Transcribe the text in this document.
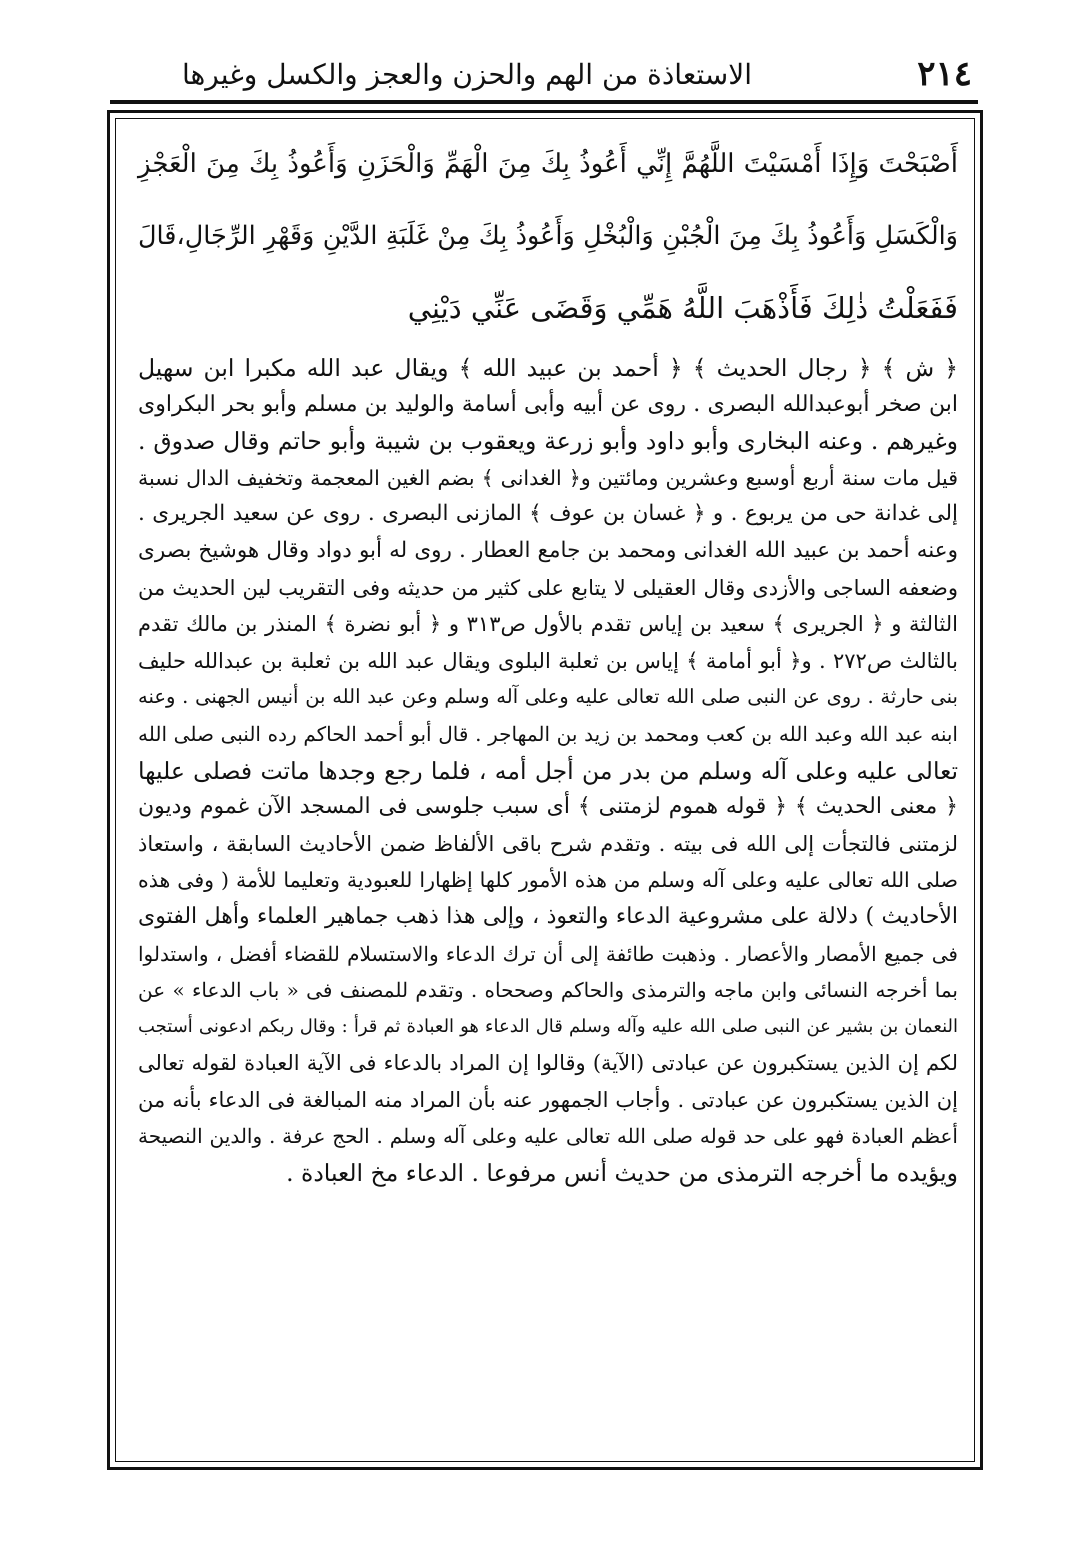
٢١٤
الاستعاذة من الهم والحزن والعجز والكسل وغيرها
أَصْبَحْتَ وَإِذَا أَمْسَيْتَ اللَّهُمَّ إِنِّي أَعُوذُ بِكَ مِنَ الْهَمِّ وَالْحَزَنِ وَأَعُوذُ بِكَ مِنَ الْعَجْزِ
وَالْكَسَلِ وَأَعُوذُ بِكَ مِنَ الْجُبْنِ وَالْبُخْلِ وَأَعُوذُ بِكَ مِنْ غَلَبَةِ الدَّيْنِ وَقَهْرِ الرِّجَالِ،قَالَ
فَفَعَلْتُ ذٰلِكَ فَأَذْهَبَ اللَّهُ هَمِّي وَقَضَى عَنِّي دَيْنِي
﴿ ش ﴾ ﴿ رجال الحديث ﴾ ﴿ أحمد بن عبيد الله ﴾ ويقال عبد الله مكبرا ابن سهيل
ابن صخر أبوعبدالله البصرى . روى عن أبيه وأبى أسامة والوليد بن مسلم وأبو بحر البكراوى
وغيرهم . وعنه البخارى وأبو داود وأبو زرعة ويعقوب بن شيبة وأبو حاتم وقال صدوق .
قيل مات سنة أربع أوسبع وعشرين ومائتين و﴿ الغدانى ﴾ بضم الغين المعجمة وتخفيف الدال نسبة
إلى غدانة حى من يربوع . و ﴿ غسان بن عوف ﴾ المازنى البصرى . روى عن سعيد الجريرى .
وعنه أحمد بن عبيد الله الغدانى ومحمد بن جامع العطار . روى له أبو دواد وقال هوشيخ بصرى
وضعفه الساجى والأزدى وقال العقيلى لا يتابع على كثير من حديثه وفى التقريب لين الحديث من
الثالثة و ﴿ الجريرى ﴾ سعيد بن إياس تقدم بالأول ص٣١٣ و ﴿ أبو نضرة ﴾ المنذر بن مالك تقدم
بالثالث ص٢٧٢ . و﴿ أبو أمامة ﴾ إياس بن ثعلبة البلوى ويقال عبد الله بن ثعلبة بن عبدالله حليف
بنى حارثة . روى عن النبى صلى الله تعالى عليه وعلى آله وسلم وعن عبد الله بن أنيس الجهنى . وعنه
ابنه عبد الله وعبد الله بن كعب ومحمد بن زيد بن المهاجر . قال أبو أحمد الحاكم رده النبى صلى الله
تعالى عليه وعلى آله وسلم من بدر من أجل أمه ، فلما رجع وجدها ماتت فصلى عليها
﴿ معنى الحديث ﴾ ﴿ قوله هموم لزمتنى ﴾ أى سبب جلوسى فى المسجد الآن غموم وديون
لزمتنى فالتجأت إلى الله فى بيته . وتقدم شرح باقى الألفاظ ضمن الأحاديث السابقة ، واستعاذ
صلى الله تعالى عليه وعلى آله وسلم من هذه الأمور كلها إظهارا للعبودية وتعليما للأمة ( وفى هذه
الأحاديث ) دلالة على مشروعية الدعاء والتعوذ ، وإلى هذا ذهب جماهير العلماء وأهل الفتوى
فى جميع الأمصار والأعصار . وذهبت طائفة إلى أن ترك الدعاء والاستسلام للقضاء أفضل ، واستدلوا
بما أخرجه النسائى وابن ماجه والترمذى والحاكم وصححاه . وتقدم للمصنف فى « باب الدعاء » عن
النعمان بن بشير عن النبى صلى الله عليه وآله وسلم قال الدعاء هو العبادة ثم قرأ : وقال ربكم ادعونى أستجب
لكم إن الذين يستكبرون عن عبادتى (الآية) وقالوا إن المراد بالدعاء فى الآية العبادة لقوله تعالى
إن الذين يستكبرون عن عبادتى . وأجاب الجمهور عنه بأن المراد منه المبالغة فى الدعاء بأنه من
أعظم العبادة فهو على حد قوله صلى الله تعالى عليه وعلى آله وسلم . الحج عرفة . والدين النصيحة
ويؤيده ما أخرجه الترمذى من حديث أنس مرفوعا . الدعاء مخ العبادة .
